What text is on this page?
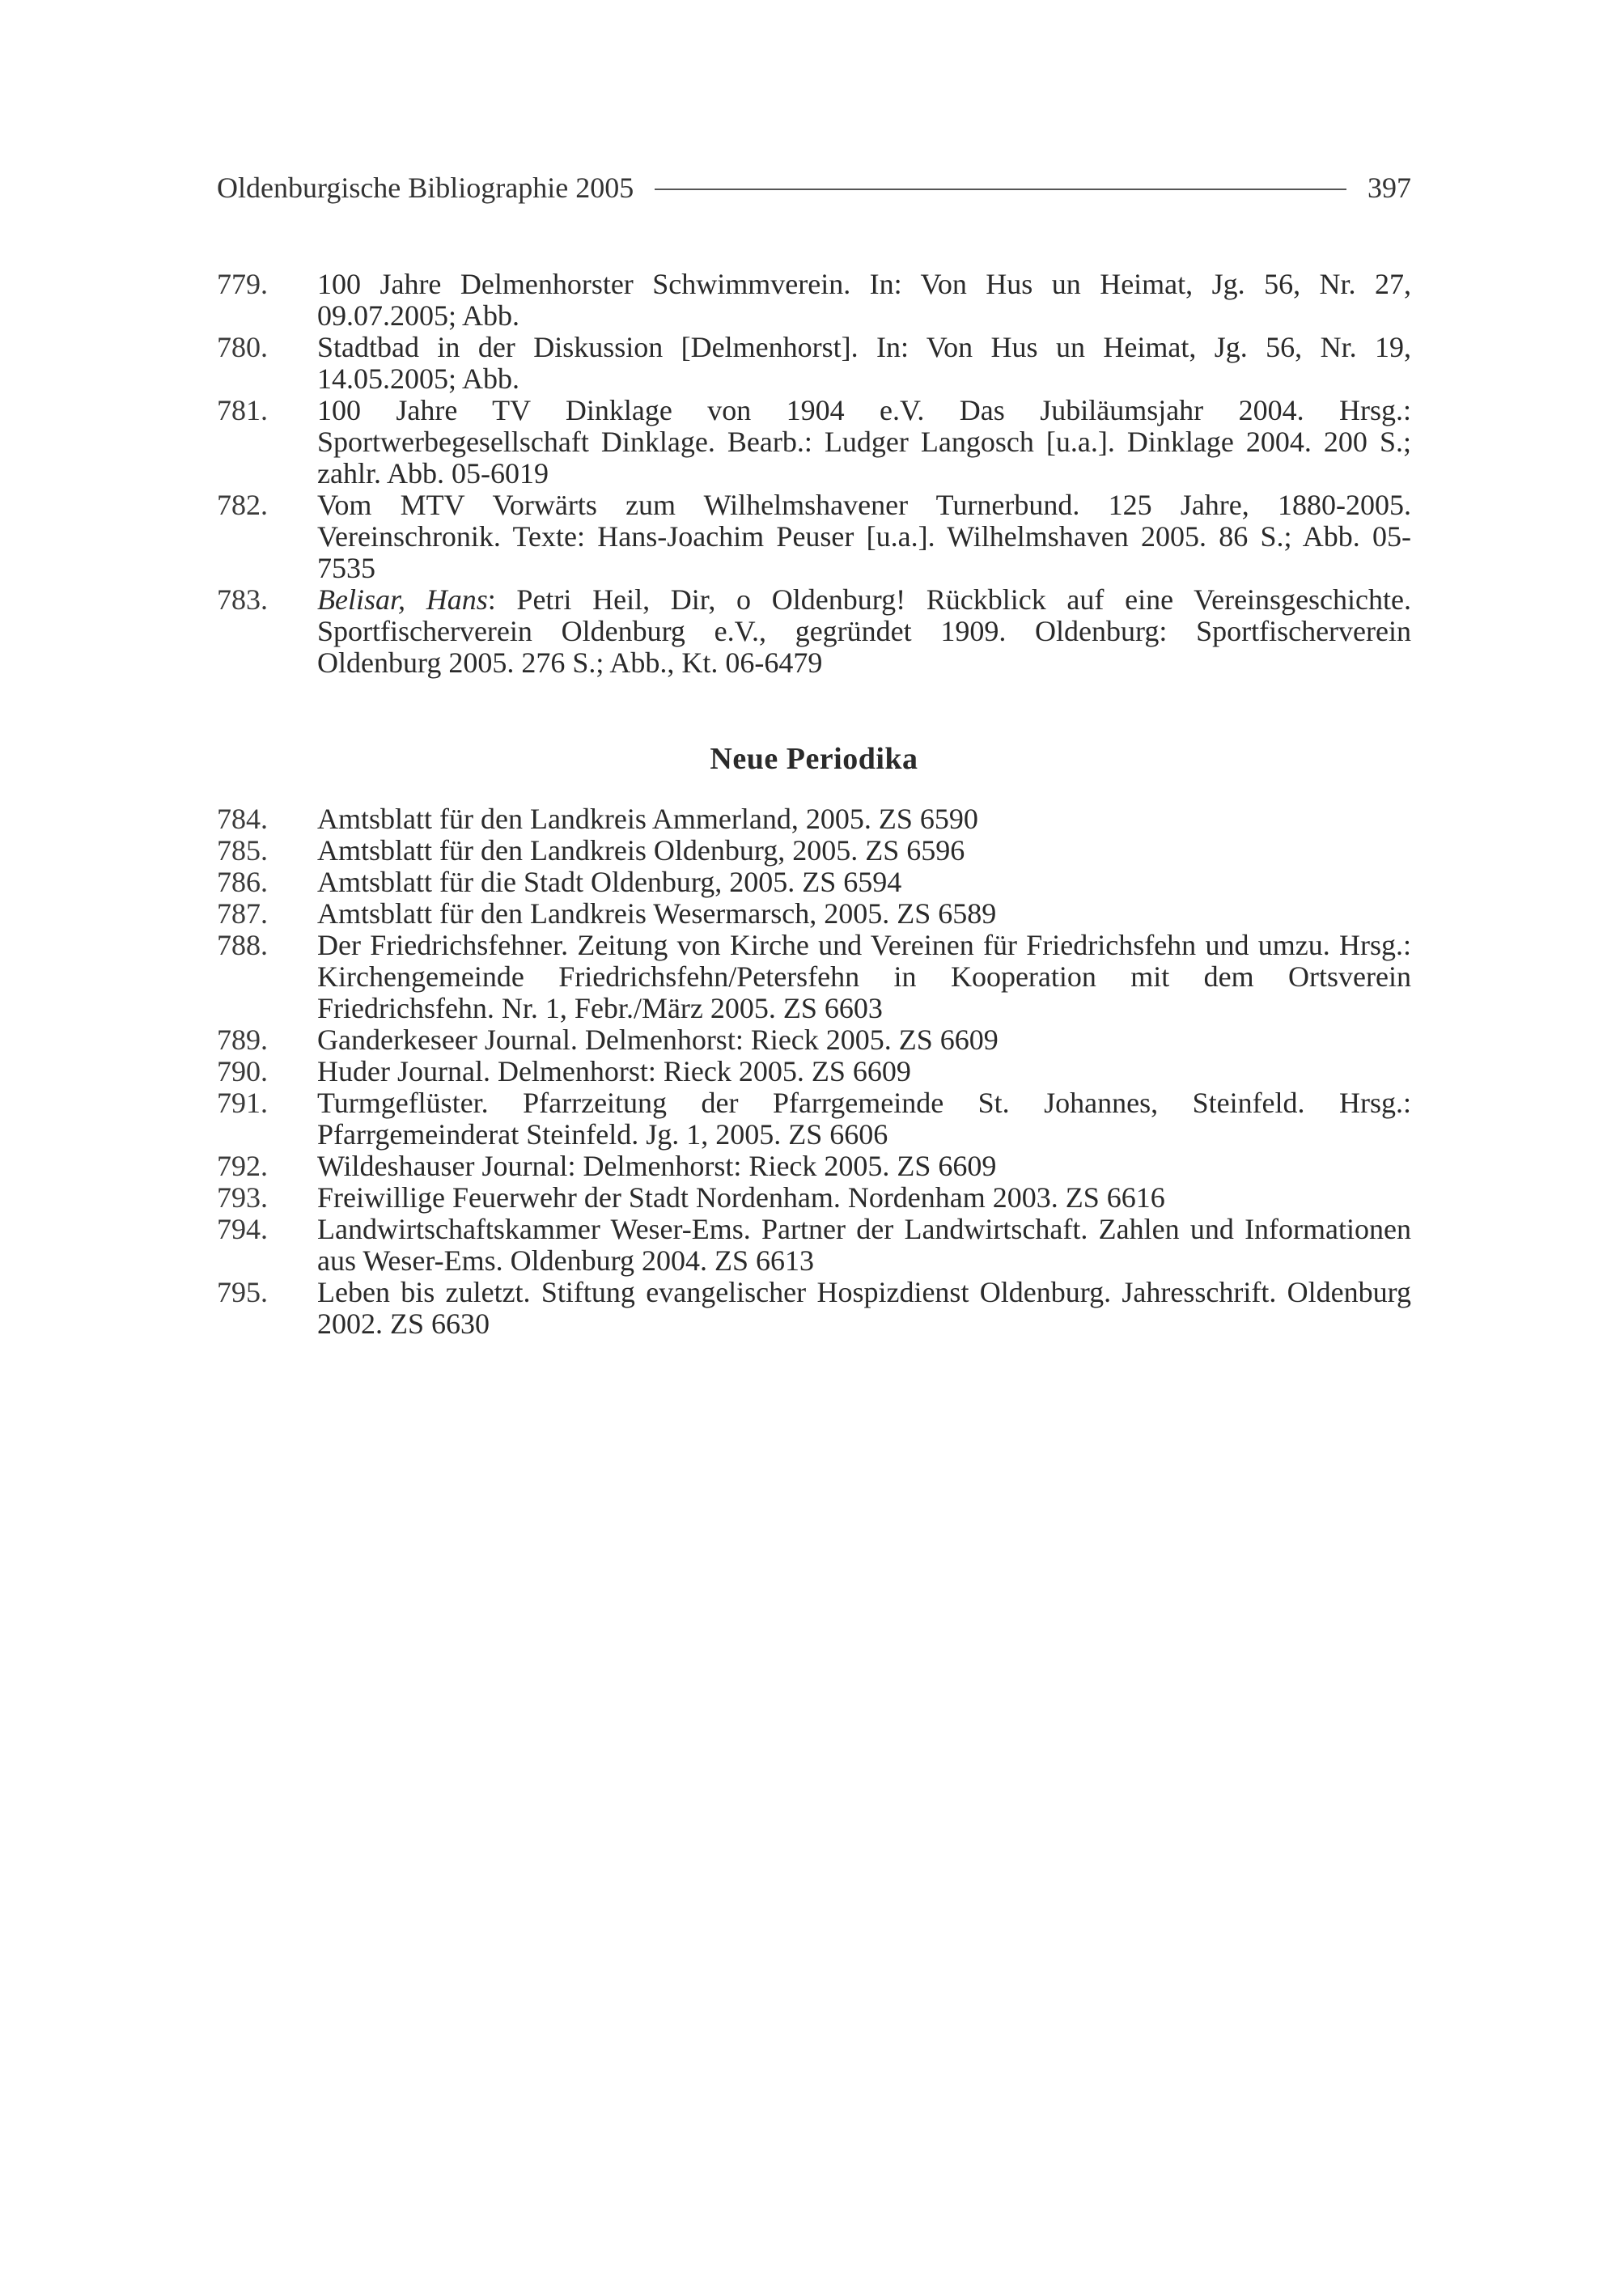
Oldenburgische Bibliographie 2005	397
779.	100 Jahre Delmenhorster Schwimmverein. In: Von Hus un Heimat, Jg. 56, Nr. 27, 09.07.2005; Abb.
780.	Stadtbad in der Diskussion [Delmenhorst]. In: Von Hus un Heimat, Jg. 56, Nr. 19, 14.05.2005; Abb.
781.	100 Jahre TV Dinklage von 1904 e.V. Das Jubiläumsjahr 2004. Hrsg.: Sportwerbegesellschaft Dinklage. Bearb.: Ludger Langosch [u.a.]. Dinklage 2004. 200 S.; zahlr. Abb. 05-6019
782.	Vom MTV Vorwärts zum Wilhelmshavener Turnerbund. 125 Jahre, 1880-2005. Vereinschronik. Texte: Hans-Joachim Peuser [u.a.]. Wilhelmshaven 2005. 86 S.; Abb. 05-7535
783.	Belisar, Hans: Petri Heil, Dir, o Oldenburg! Rückblick auf eine Vereinsgeschichte. Sportfischerverein Oldenburg e.V., gegründet 1909. Oldenburg: Sportfischerverein Oldenburg 2005. 276 S.; Abb., Kt. 06-6479
Neue Periodika
784.	Amtsblatt für den Landkreis Ammerland, 2005. ZS 6590
785.	Amtsblatt für den Landkreis Oldenburg, 2005. ZS 6596
786.	Amtsblatt für die Stadt Oldenburg, 2005. ZS 6594
787.	Amtsblatt für den Landkreis Wesermarsch, 2005. ZS 6589
788.	Der Friedrichsfehner. Zeitung von Kirche und Vereinen für Friedrichsfehn und umzu. Hrsg.: Kirchengemeinde Friedrichsfehn/Petersfehn in Kooperation mit dem Ortsverein Friedrichsfehn. Nr. 1, Febr./März 2005. ZS 6603
789.	Ganderkeseer Journal. Delmenhorst: Rieck 2005. ZS 6609
790.	Huder Journal. Delmenhorst: Rieck 2005. ZS 6609
791.	Turmgeflüster. Pfarrzeitung der Pfarrgemeinde St. Johannes, Steinfeld. Hrsg.: Pfarrgemeinderat Steinfeld. Jg. 1, 2005. ZS 6606
792.	Wildeshauser Journal: Delmenhorst: Rieck 2005. ZS 6609
793.	Freiwillige Feuerwehr der Stadt Nordenham. Nordenham 2003. ZS 6616
794.	Landwirtschaftskammer Weser-Ems. Partner der Landwirtschaft. Zahlen und Informationen aus Weser-Ems. Oldenburg 2004. ZS 6613
795.	Leben bis zuletzt. Stiftung evangelischer Hospizdienst Oldenburg. Jahresschrift. Oldenburg 2002. ZS 6630
